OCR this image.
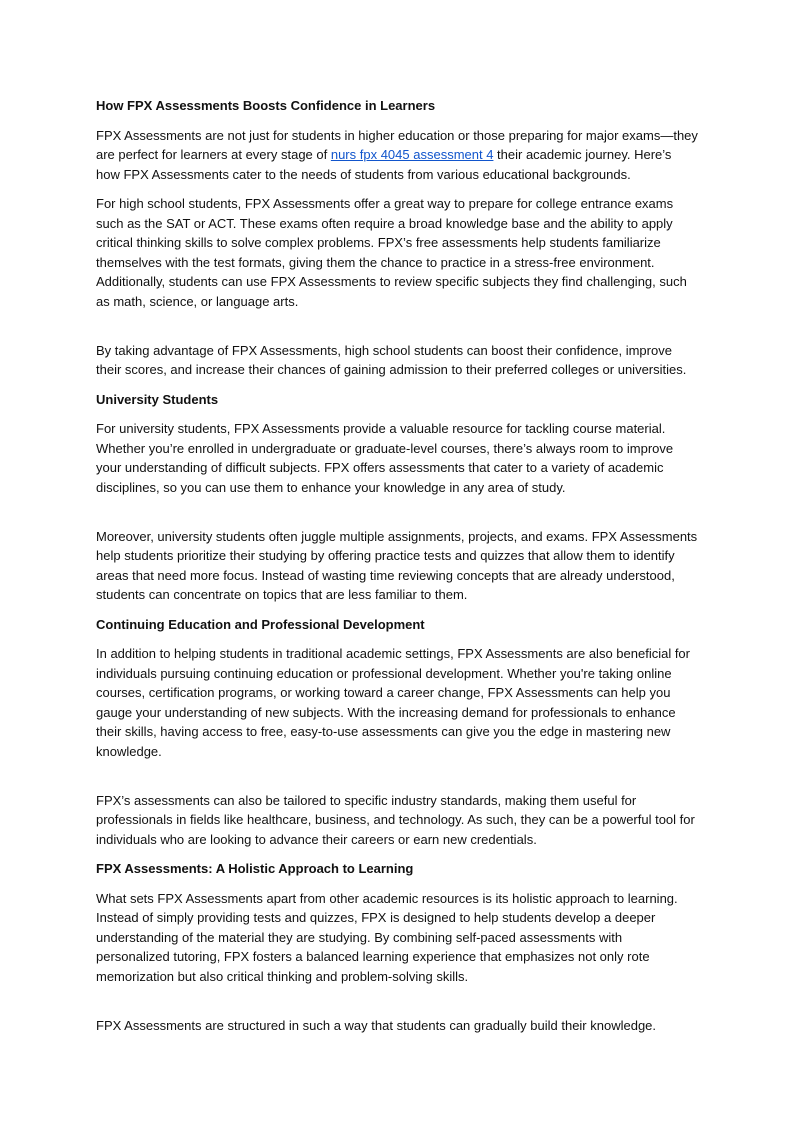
How FPX Assessments Boosts Confidence in Learners
FPX Assessments are not just for students in higher education or those preparing for major exams—they are perfect for learners at every stage of nurs fpx 4045 assessment 4 their academic journey. Here’s how FPX Assessments cater to the needs of students from various educational backgrounds.
For high school students, FPX Assessments offer a great way to prepare for college entrance exams such as the SAT or ACT. These exams often require a broad knowledge base and the ability to apply critical thinking skills to solve complex problems. FPX’s free assessments help students familiarize themselves with the test formats, giving them the chance to practice in a stress-free environment. Additionally, students can use FPX Assessments to review specific subjects they find challenging, such as math, science, or language arts.
By taking advantage of FPX Assessments, high school students can boost their confidence, improve their scores, and increase their chances of gaining admission to their preferred colleges or universities.
University Students
For university students, FPX Assessments provide a valuable resource for tackling course material. Whether you’re enrolled in undergraduate or graduate-level courses, there’s always room to improve your understanding of difficult subjects. FPX offers assessments that cater to a variety of academic disciplines, so you can use them to enhance your knowledge in any area of study.
Moreover, university students often juggle multiple assignments, projects, and exams. FPX Assessments help students prioritize their studying by offering practice tests and quizzes that allow them to identify areas that need more focus. Instead of wasting time reviewing concepts that are already understood, students can concentrate on topics that are less familiar to them.
Continuing Education and Professional Development
In addition to helping students in traditional academic settings, FPX Assessments are also beneficial for individuals pursuing continuing education or professional development. Whether you're taking online courses, certification programs, or working toward a career change, FPX Assessments can help you gauge your understanding of new subjects. With the increasing demand for professionals to enhance their skills, having access to free, easy-to-use assessments can give you the edge in mastering new knowledge.
FPX’s assessments can also be tailored to specific industry standards, making them useful for professionals in fields like healthcare, business, and technology. As such, they can be a powerful tool for individuals who are looking to advance their careers or earn new credentials.
FPX Assessments: A Holistic Approach to Learning
What sets FPX Assessments apart from other academic resources is its holistic approach to learning. Instead of simply providing tests and quizzes, FPX is designed to help students develop a deeper understanding of the material they are studying. By combining self-paced assessments with personalized tutoring, FPX fosters a balanced learning experience that emphasizes not only rote memorization but also critical thinking and problem-solving skills.
FPX Assessments are structured in such a way that students can gradually build their knowledge.
